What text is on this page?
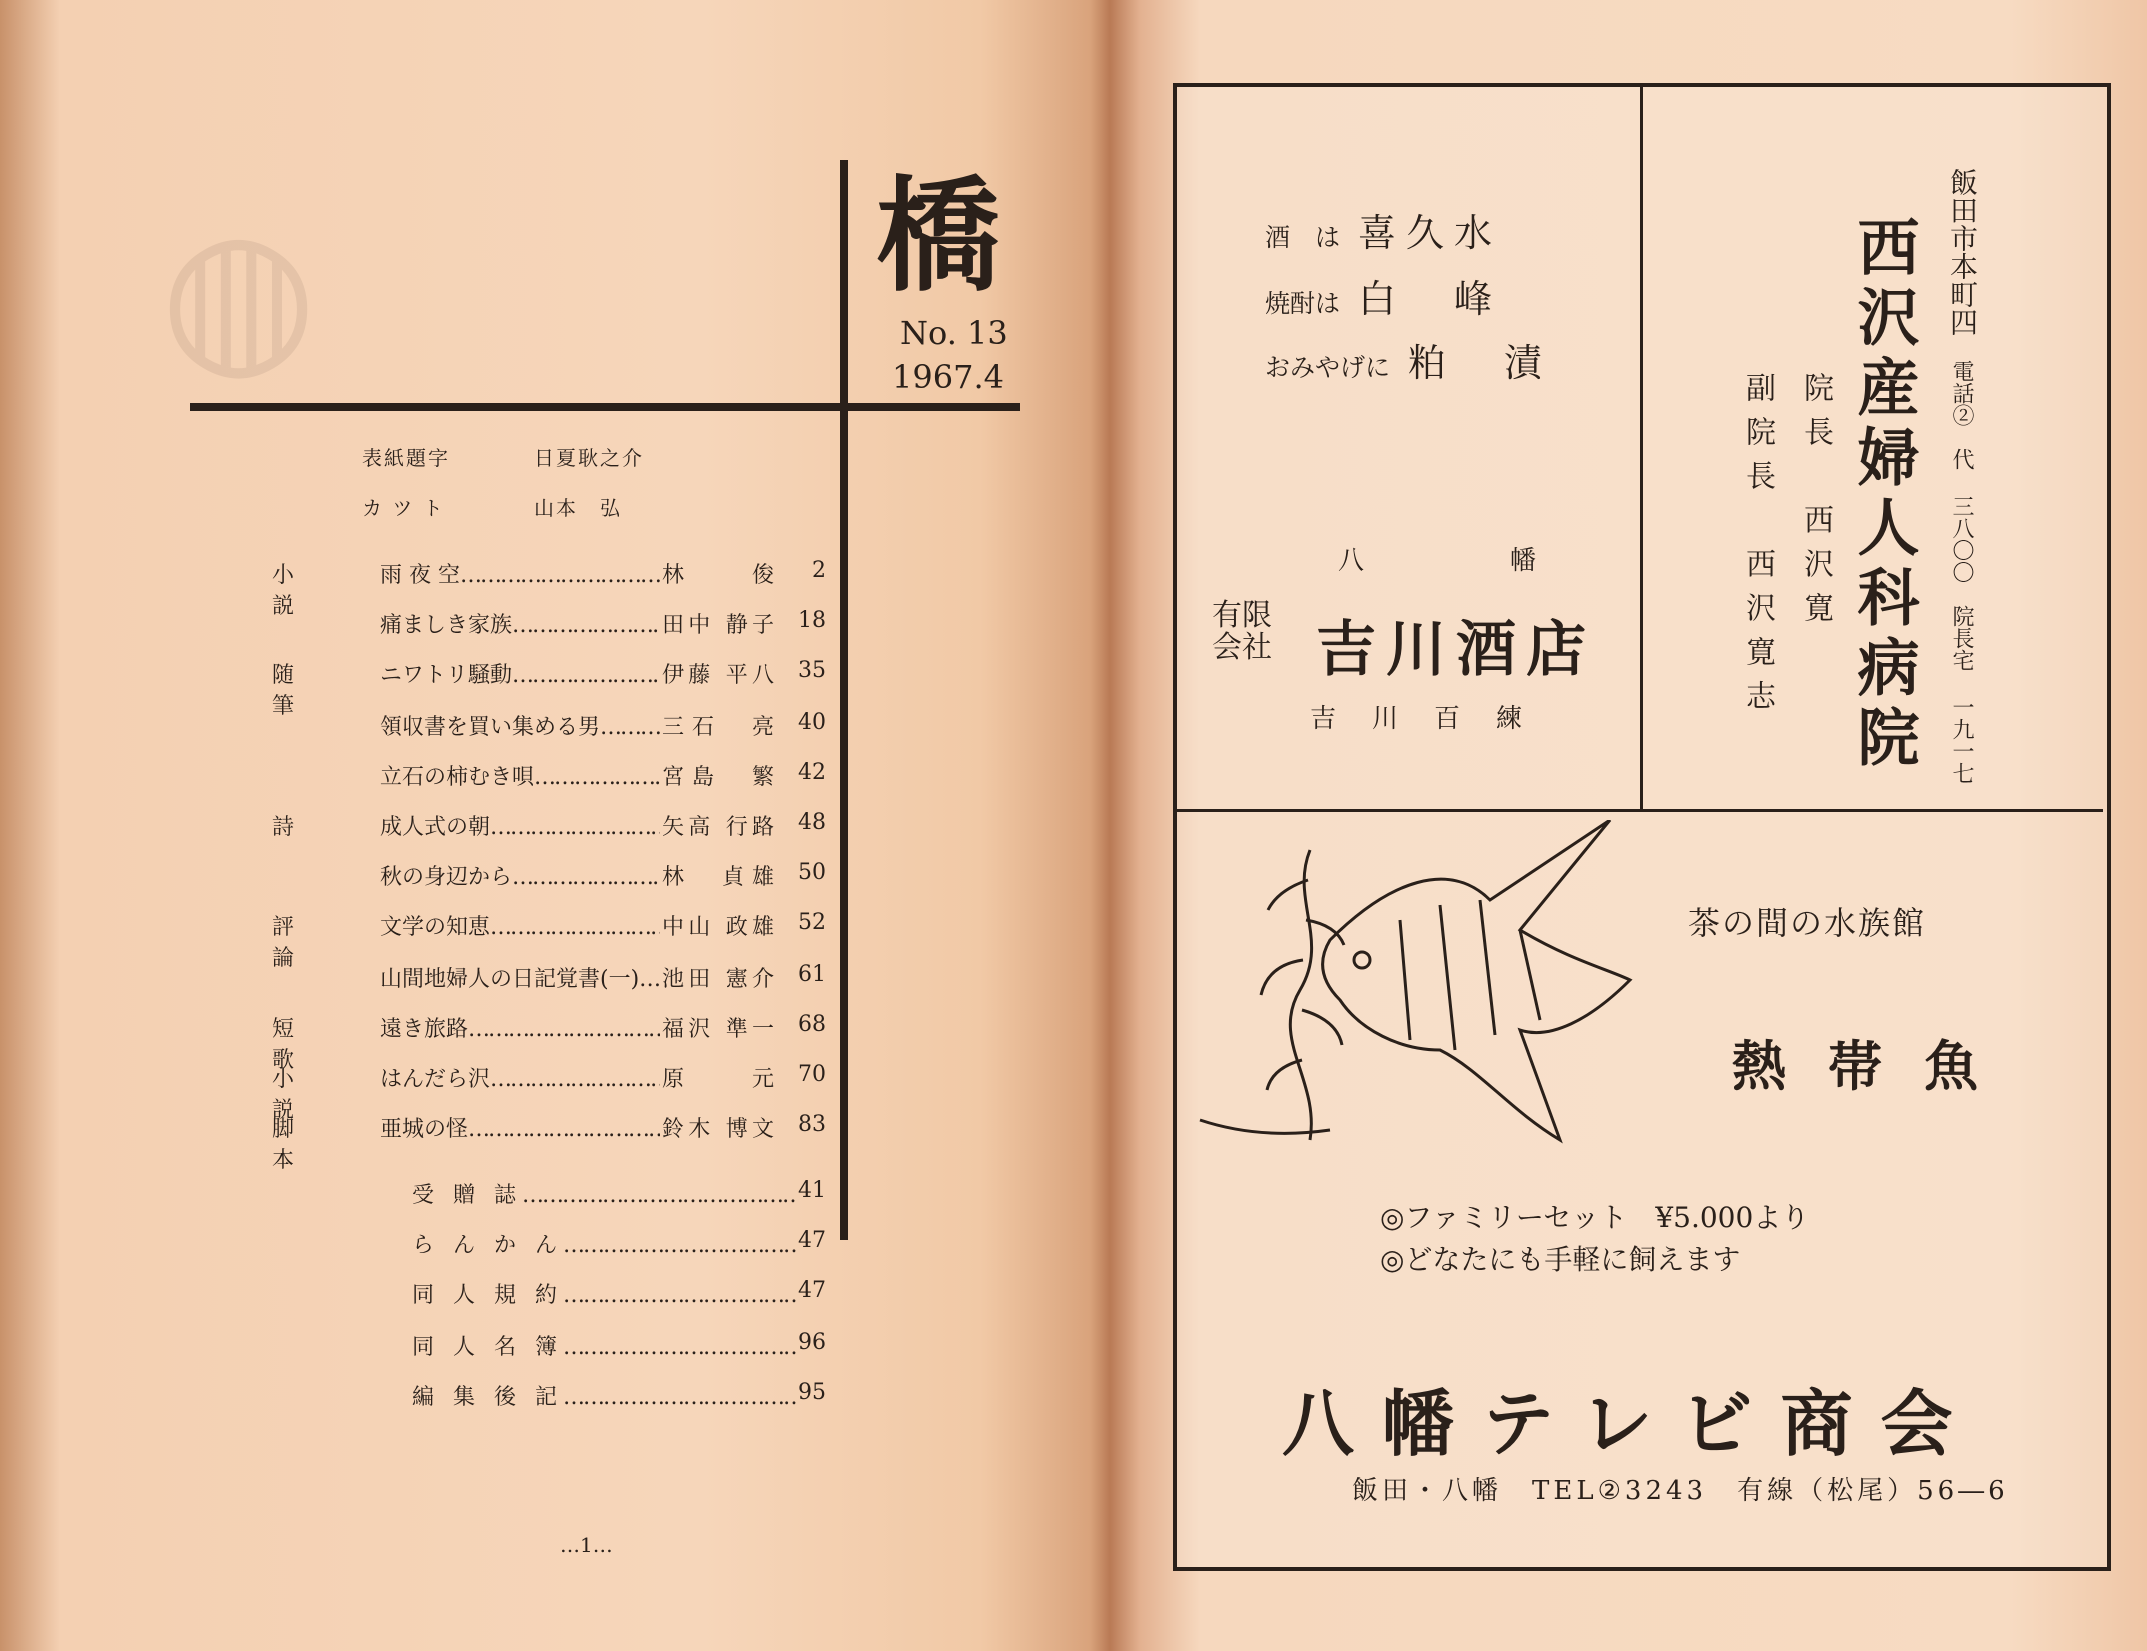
◍	橋
No. 13
1967.4
表紙題字	日夏耿之介
カ ツ ト	山本　弘
小 説
雨 夜 空 …………………………………………………………………………………………	林　俊	2
痛ましき家族 …………………………………………………………………………………………	田中 静子	18
随 筆
ニワトリ騒動 …………………………………………………………………………………………	伊藤 平八	35
領収書を買い集める男 …………………………………………………………………………………………	三石　亮	40
立石の柿むき唄 …………………………………………………………………………………………	宮島　繁	42
詩	成人式の朝 …………………………………………………………………………………………	矢高 行路	48
秋の身辺から …………………………………………………………………………………………	林　貞雄	50
評 論
文学の知恵 …………………………………………………………………………………………	中山 政雄	52
山間地婦人の日記覚書(一) …………………………………………………………………………………………	池田 憲介	61
短 歌
遠き旅路 …………………………………………………………………………………………	福沢 準一	68
小 説
はんだら沢 …………………………………………………………………………………………	原　元	70
脚 本
亜城の怪 …………………………………………………………………………………………	鈴木 博文	83
受 贈 誌 …………………………………………………………………………………………	41
ら ん か ん …………………………………………………………………………………………	47
同 人 規 約 …………………………………………………………………………………………	47
同 人 名 簿 …………………………………………………………………………………………	96
編 集 後 記 …………………………………………………………………………………………	95
…1…
酒　は 喜久水
焼酎は 白　峰
おみやげに 粕　漬
八　幡
有限会社 吉川酒店
吉川百練
飯田市本町四
電話②　代 三八〇〇　院長宅 一九一七
西沢産婦人科病院
院長　西沢寛
副院長　西沢寛志
茶の間の水族館
熱帯魚
◎ファミリーセット　¥5.000より
◎どなたにも手軽に飼えます
八幡テレビ商会
飯田・八幡　TEL②3243　有線（松尾）56―6
